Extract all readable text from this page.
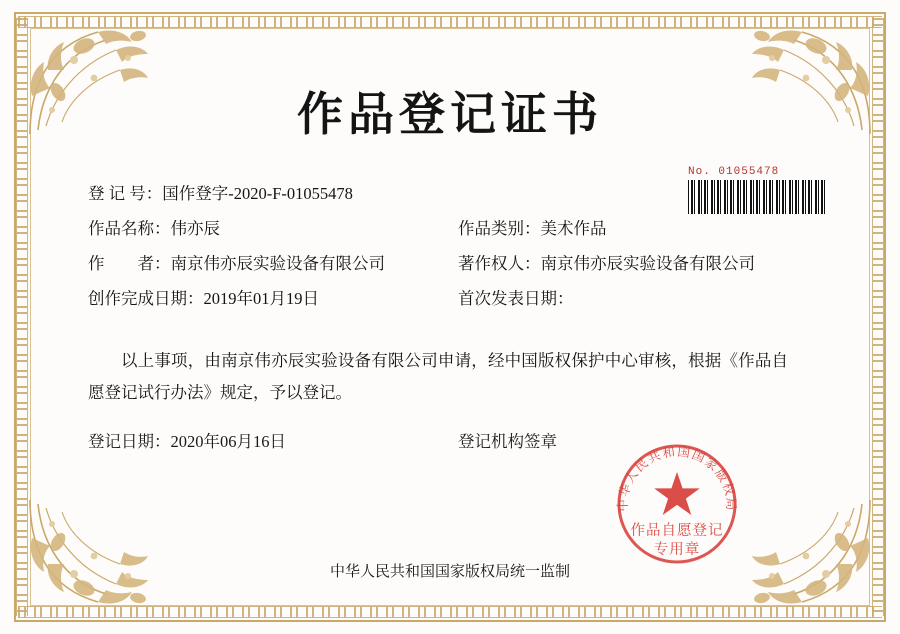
作品登记证书
No. 01055478
登 记 号： 国作登字-2020-F-01055478
作品名称： 伟亦辰	作品类别： 美术作品
作　　者： 南京伟亦辰实验设备有限公司	著作权人： 南京伟亦辰实验设备有限公司
创作完成日期： 2019年01月19日	首次发表日期：
以上事项，由南京伟亦辰实验设备有限公司申请，经中国版权保护中心审核，根据《作品自愿登记试行办法》规定，予以登记。
登记日期：2020年06月16日	登记机构签章
中华人民共和国国家版权局
作品自愿登记
专用章
中华人民共和国国家版权局统一监制
